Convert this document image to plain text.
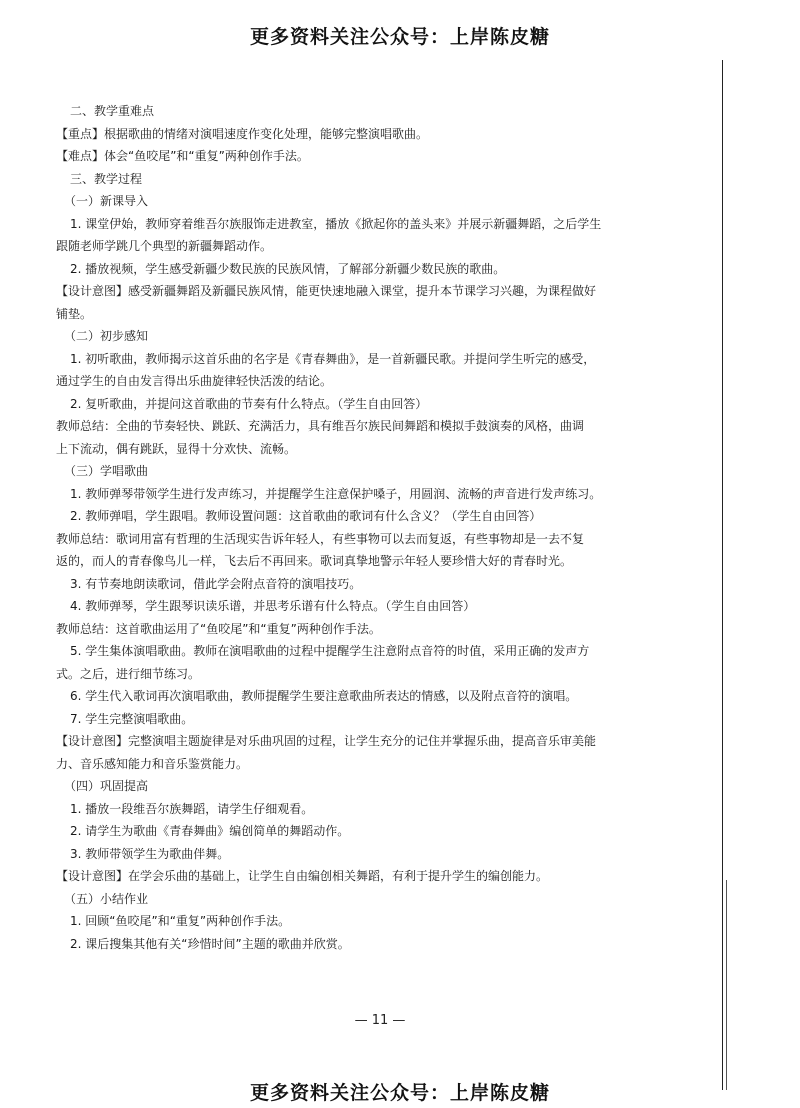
更多资料关注公众号：上岸陈皮糖

二、教学重难点

【重点】根据歌曲的情绪对演唱速度作变化处理，能够完整演唱歌曲。

【难点】体会“鱼咬尾”和“重复”两种创作手法。

三、教学过程

（一）新课导入

1. 课堂伊始，教师穿着维吾尔族服饰走进教室，播放《掀起你的盖头来》并展示新疆舞蹈，之后学生

跟随老师学跳几个典型的新疆舞蹈动作。

2. 播放视频，学生感受新疆少数民族的民族风情，了解部分新疆少数民族的歌曲。

【设计意图】感受新疆舞蹈及新疆民族风情，能更快速地融入课堂，提升本节课学习兴趣，为课程做好

铺垫。

（二）初步感知

1. 初听歌曲，教师揭示这首乐曲的名字是《青春舞曲》，是一首新疆民歌。并提问学生听完的感受，

通过学生的自由发言得出乐曲旋律轻快活泼的结论。

2. 复听歌曲，并提问这首歌曲的节奏有什么特点。（学生自由回答）

教师总结：全曲的节奏轻快、跳跃、充满活力，具有维吾尔族民间舞蹈和模拟手鼓演奏的风格，曲调

上下流动，偶有跳跃，显得十分欢快、流畅。

（三）学唱歌曲

1. 教师弹琴带领学生进行发声练习，并提醒学生注意保护嗓子，用圆润、流畅的声音进行发声练习。

2. 教师弹唱，学生跟唱。教师设置问题：这首歌曲的歌词有什么含义？（学生自由回答）

教师总结：歌词用富有哲理的生活现实告诉年轻人，有些事物可以去而复返，有些事物却是一去不复

返的，而人的青春像鸟儿一样，飞去后不再回来。歌词真挚地警示年轻人要珍惜大好的青春时光。

3. 有节奏地朗读歌词，借此学会附点音符的演唱技巧。

4. 教师弹琴，学生跟琴识读乐谱，并思考乐谱有什么特点。（学生自由回答）

教师总结：这首歌曲运用了“鱼咬尾”和“重复”两种创作手法。

5. 学生集体演唱歌曲。教师在演唱歌曲的过程中提醒学生注意附点音符的时值，采用正确的发声方

式。之后，进行细节练习。

6. 学生代入歌词再次演唱歌曲，教师提醒学生要注意歌曲所表达的情感，以及附点音符的演唱。

7. 学生完整演唱歌曲。

【设计意图】完整演唱主题旋律是对乐曲巩固的过程，让学生充分的记住并掌握乐曲，提高音乐审美能

力、音乐感知能力和音乐鉴赏能力。

（四）巩固提高

1. 播放一段维吾尔族舞蹈，请学生仔细观看。

2. 请学生为歌曲《青春舞曲》编创简单的舞蹈动作。

3. 教师带领学生为歌曲伴舞。

【设计意图】在学会乐曲的基础上，让学生自由编创相关舞蹈，有利于提升学生的编创能力。

（五）小结作业

1. 回顾“鱼咬尾”和“重复”两种创作手法。

2. 课后搜集其他有关“珍惜时间”主题的歌曲并欣赏。

— 11 —
更多资料关注公众号：上岸陈皮糖
